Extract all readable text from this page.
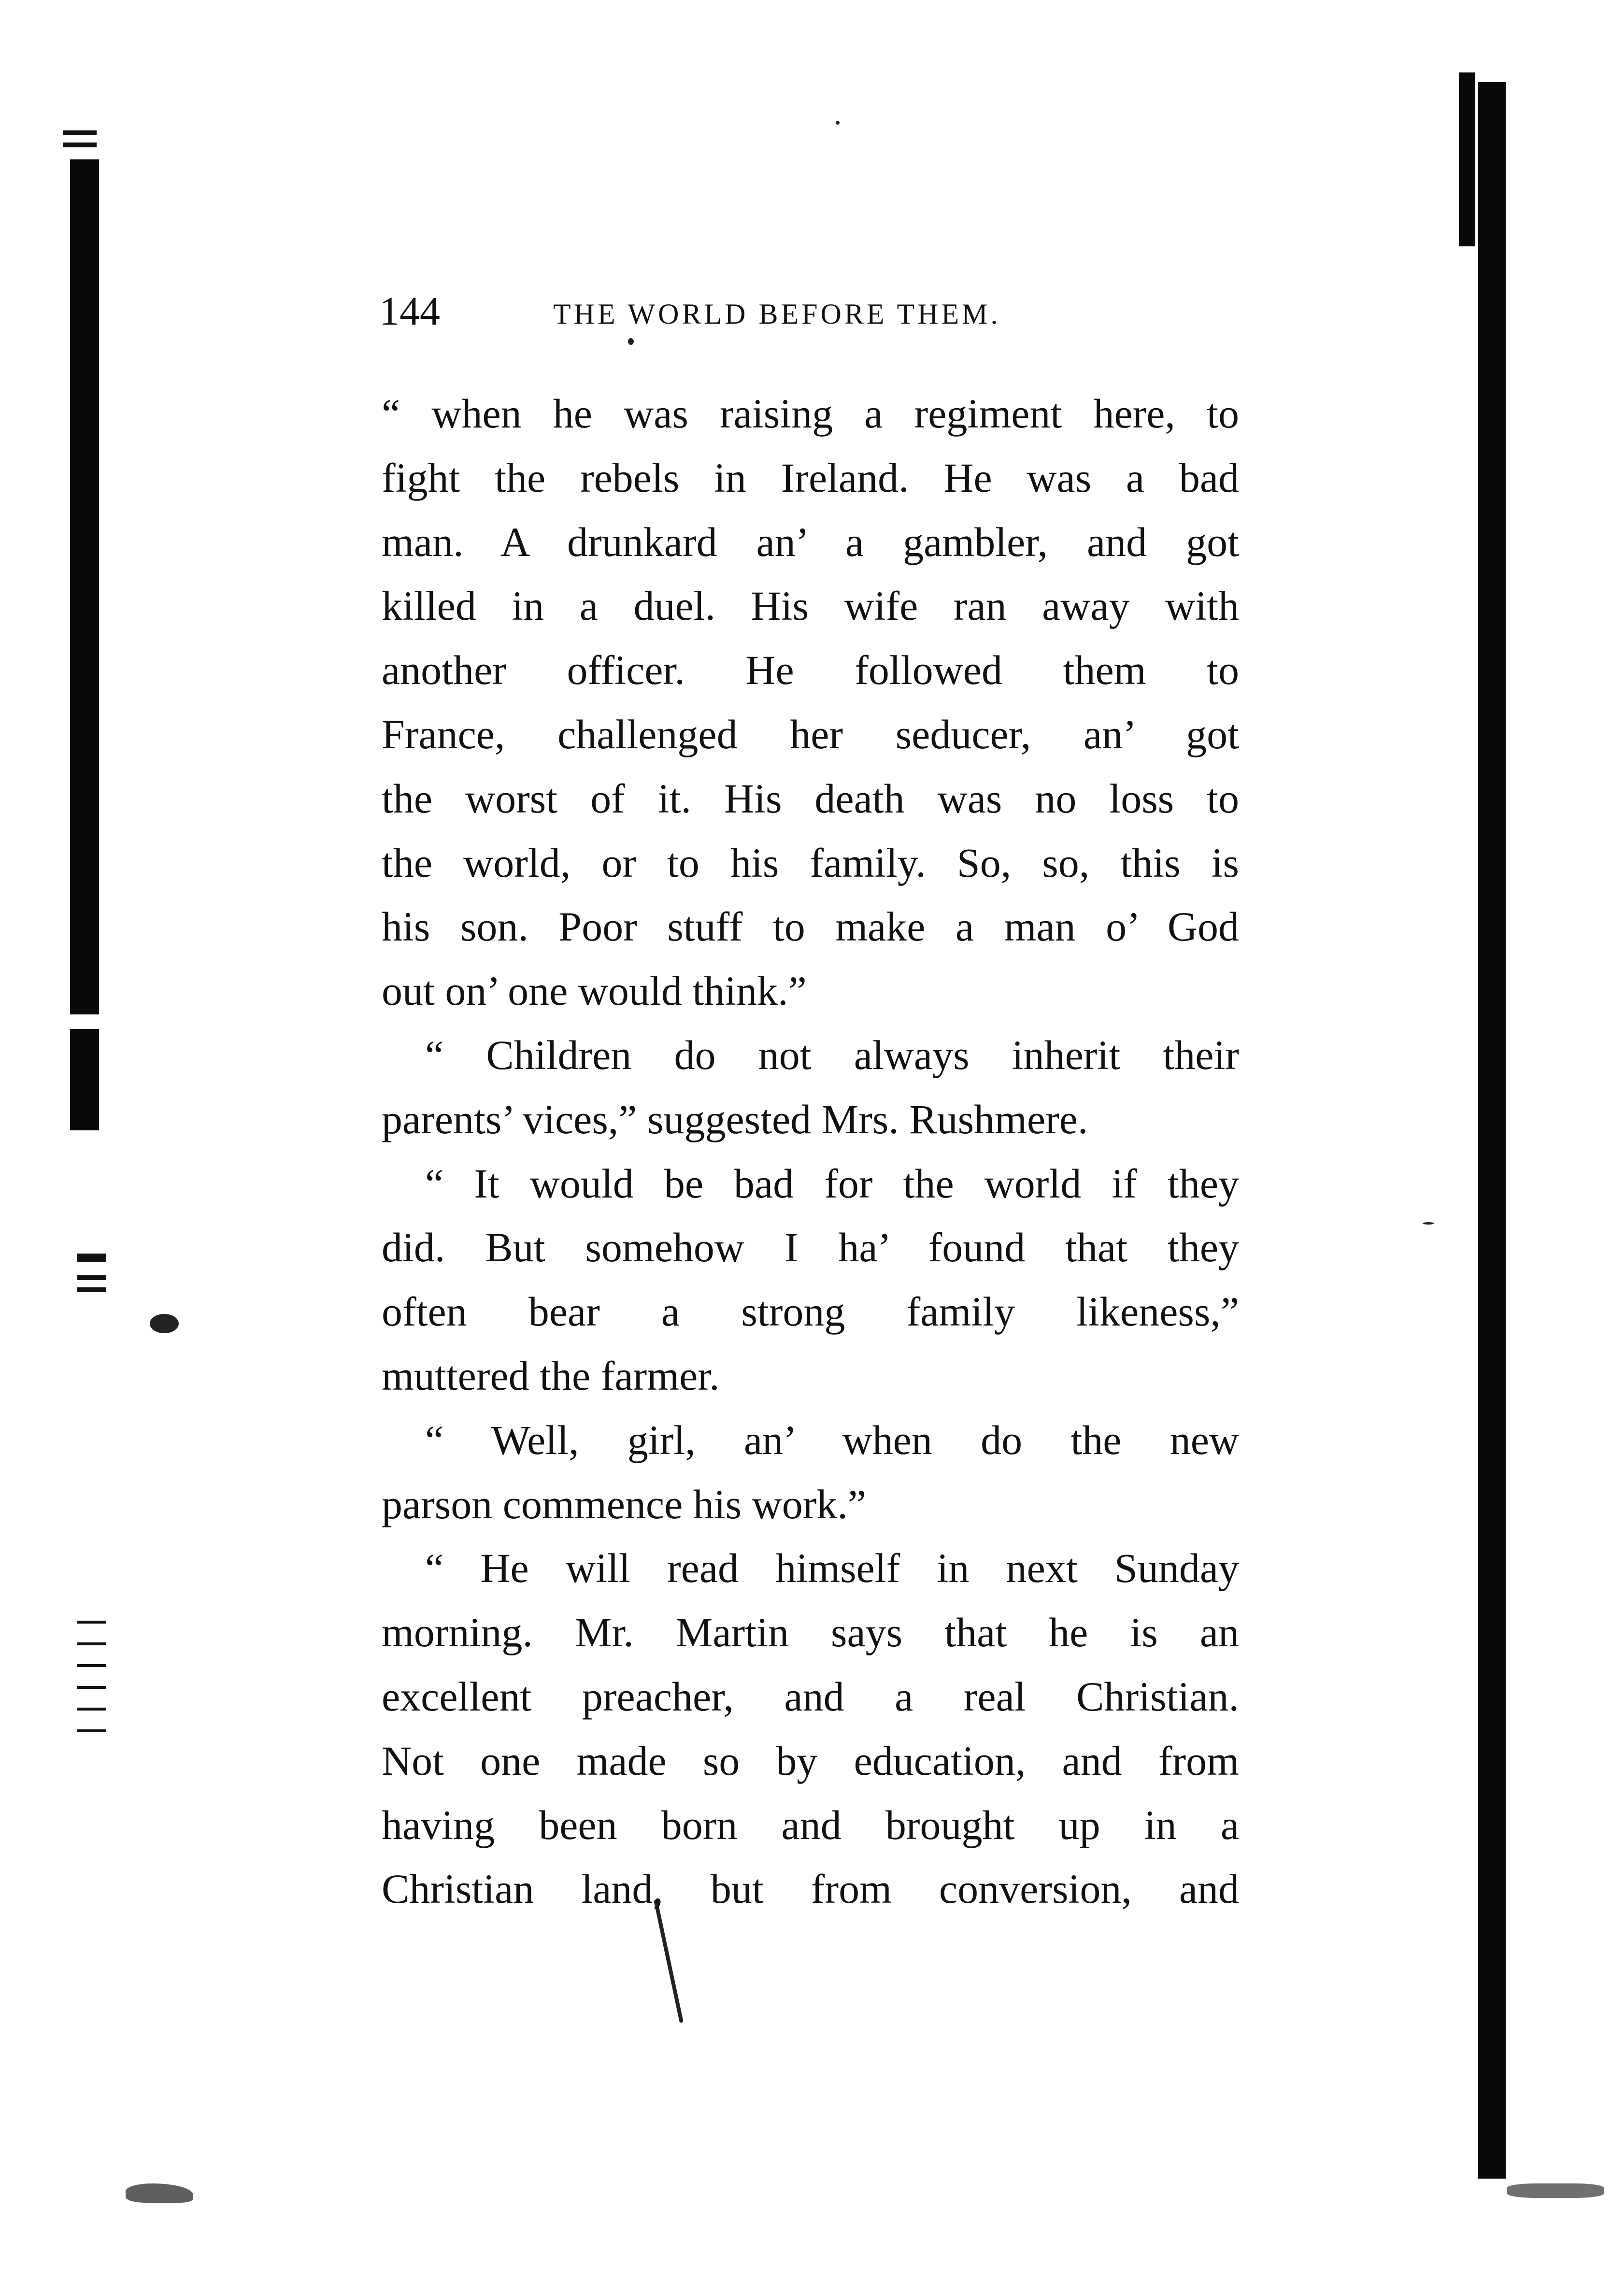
144	THE WORLD BEFORE THEM.
“ when he was raising a regiment here, to
fight the rebels in Ireland. He was a bad
man. A drunkard an’ a gambler, and got
killed in a duel. His wife ran away with
another officer. He followed them to
France, challenged her seducer, an’ got
the worst of it. His death was no loss to
the world, or to his family. So, so, this is
his son. Poor stuff to make a man o’ God
out on’ one would think.”
“ Children do not always inherit their
parents’ vices,” suggested Mrs. Rushmere.
“ It would be bad for the world if they
did. But somehow I ha’ found that they
often bear a strong family likeness,”
muttered the farmer.
“ Well, girl, an’ when do the new
parson commence his work.”
“ He will read himself in next Sunday
morning. Mr. Martin says that he is an
excellent preacher, and a real Christian.
Not one made so by education, and from
having been born and brought up in a
Christian land, but from conversion, and
